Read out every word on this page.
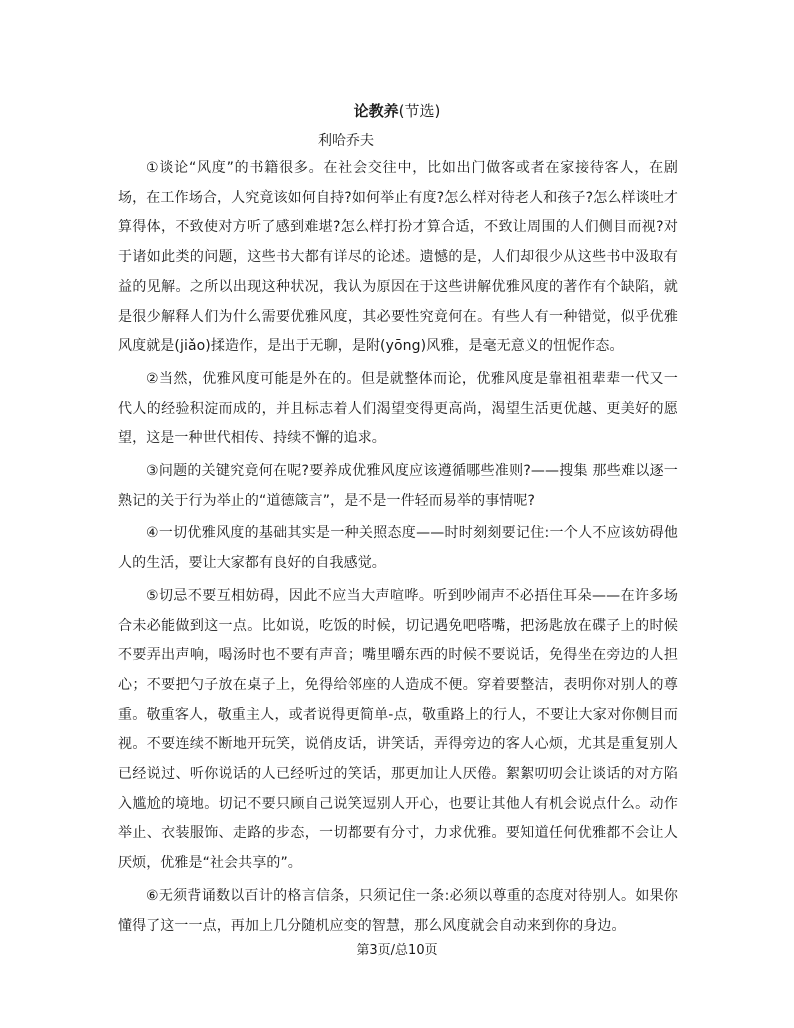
论教养(节选)

利哈乔夫

①谈论“风度”的书籍很多。在社会交往中，比如出门做客或者在家接待客人，在剧场，在工作场合，人究竟该如何自持?如何举止有度?怎么样对待老人和孩子?怎么样谈吐才算得体，不致使对方听了感到难堪?怎么样打扮才算合适，不致让周围的人们侧目而视?对于诸如此类的问题，这些书大都有详尽的论述。遗憾的是，人们却很少从这些书中汲取有益的见解。之所以出现这种状况，我认为原因在于这些讲解优雅风度的著作有个缺陷，就是很少解释人们为什么需要优雅风度，其必要性究竟何在。有些人有一种错觉，似乎优雅风度就是(jiǎo)揉造作，是出于无聊，是附(yōng)风雅，是毫无意义的忸怩作态。

②当然，优雅风度可能是外在的。但是就整体而论，优雅风度是靠祖祖辈辈一代又一代人的经验积淀而成的，并且标志着人们渴望变得更高尚，渴望生活更优越、更美好的愿望，这是一种世代相传、持续不懈的追求。

③问题的关键究竟何在呢?要养成优雅风度应该遵循哪些准则?——搜集 那些难以逐一熟记的关于行为举止的“道德箴言”，是不是一件轻而易举的事情呢?

④一切优雅风度的基础其实是一种关照态度——时时刻刻要记住:一个人不应该妨碍他人的生活，要让大家都有良好的自我感觉。

⑤切忌不要互相妨碍，因此不应当大声喧哗。听到吵闹声不必捂住耳朵——在许多场合未必能做到这一点。比如说，吃饭的时候，切记遇免吧嗒嘴，把汤匙放在碟子上的时候不要弄出声响，喝汤时也不要有声音；嘴里嚼东西的时候不要说话，免得坐在旁边的人担心；不要把勺子放在桌子上，免得给邻座的人造成不便。穿着要整洁，表明你对别人的尊重。敬重客人，敬重主人，或者说得更简单-点，敬重路上的行人，不要让大家对你侧目而视。不要连续不断地开玩笑，说俏皮话，讲笑话，弄得旁边的客人心烦，尤其是重复别人已经说过、听你说话的人已经听过的笑话，那更加让人厌倦。絮絮叨叨会让谈话的对方陷入尴尬的境地。切记不要只顾自己说笑逗别人开心，也要让其他人有机会说点什么。动作举止、衣装服饰、走路的步态，一切都要有分寸，力求优雅。要知道任何优雅都不会让人厌烦，优雅是“社会共享的”。

⑥无须背诵数以百计的格言信条，只须记住一条:必须以尊重的态度对待别人。如果你懂得了这一一点，再加上几分随机应变的智慧，那么风度就会自动来到你的身边。

第3页/总10页
